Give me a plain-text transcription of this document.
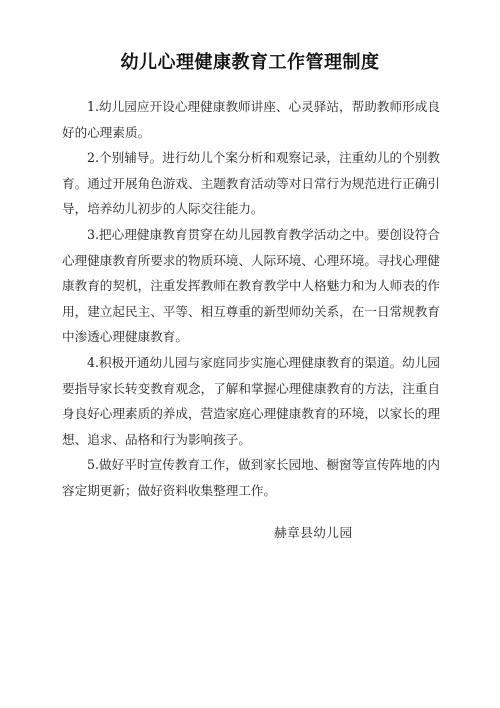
幼儿心理健康教育工作管理制度

1.幼儿园应开设心理健康教师讲座、心灵驿站，帮助教师形成良好的心理素质。

2.个别辅导。进行幼儿个案分析和观察记录，注重幼儿的个别教育。通过开展角色游戏、主题教育活动等对日常行为规范进行正确引导，培养幼儿初步的人际交往能力。

3.把心理健康教育贯穿在幼儿园教育教学活动之中。要创设符合心理健康教育所要求的物质环境、人际环境、心理环境。寻找心理健康教育的契机，注重发挥教师在教育教学中人格魅力和为人师表的作用，建立起民主、平等、相互尊重的新型师幼关系，在一日常规教育中渗透心理健康教育。

4.积极开通幼儿园与家庭同步实施心理健康教育的渠道。幼儿园要指导家长转变教育观念，了解和掌握心理健康教育的方法，注重自身良好心理素质的养成，营造家庭心理健康教育的环境，以家长的理想、追求、品格和行为影响孩子。

5.做好平时宣传教育工作，做到家长园地、橱窗等宣传阵地的内容定期更新；做好资料收集整理工作。

赫章县幼儿园
